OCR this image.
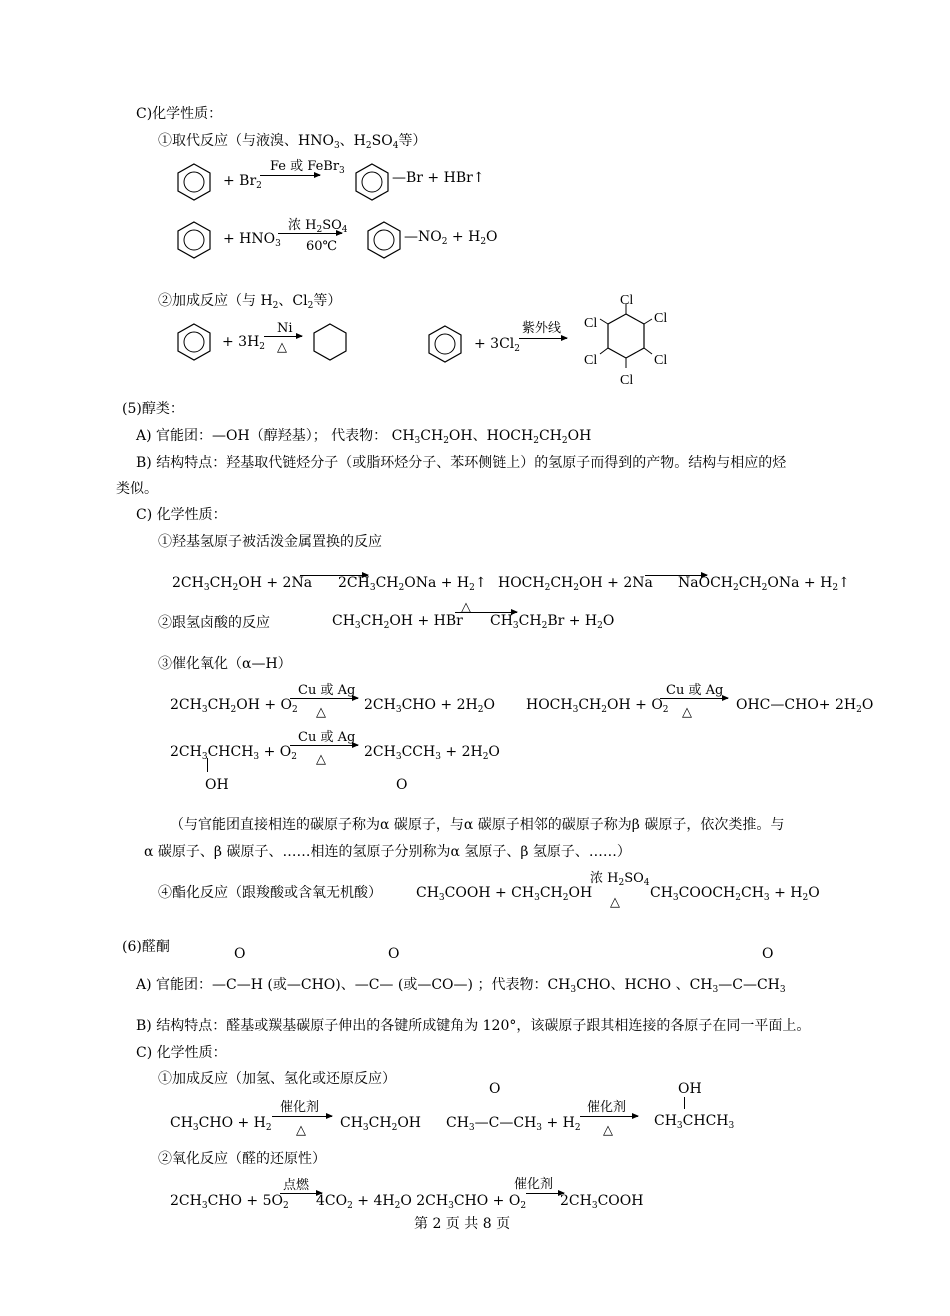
C)化学性质：
①取代反应（与液溴、$HNO_3$、$H_2SO_4$等）
+ $Br_2$
Fe 或 FeBr$_3$	—Br + HBr↑
+ $HNO_3$
浓 $H_2SO_4$
60℃
$—NO_2 + H_2O$
②加成反应（与 $H_2$、$Cl_2$等）
+ $3H_2$
Ni
△	+ $3Cl_2$
紫外线
Cl
Cl
Cl
Cl
Cl
Cl
(5)醇类：
A) 官能团：—OH（醇羟基）； 代表物： $CH_3CH_2OH$、$HOCH_2CH_2OH$
B) 结构特点：羟基取代链烃分子（或脂环烃分子、苯环侧链上）的氢原子而得到的产物。结构与相应的烃
类似。
C) 化学性质：
①羟基氢原子被活泼金属置换的反应
$2CH_3CH_2OH + 2Na$ $2CH_3CH_2ONa$ + $H_2↑$ $HOCH_2CH_2OH + 2Na$ $NaOCH_2CH_2ONa$ + $H_2↑$
②跟氢卤酸的反应	$CH_3CH_2OH$ + HBr
△
$CH_3CH_2Br + H_2O$
③催化氧化（α—H）
$2CH_3CH_2OH + O_2$
Cu 或 Ag
△	$2CH_3CHO + 2H_2O$ $HOCH_3CH_2OH + O_2$
Cu 或 Ag
△	OHC—CHO+ $2H_2O$
$2CH_3CHCH_3 + O_2$
OH
Cu 或 Ag
△	$2CH_3CCH_3 + 2H_2O$
O
（与官能团直接相连的碳原子称为α 碳原子，与α 碳原子相邻的碳原子称为β 碳原子，依次类推。与
α 碳原子、β 碳原子、……相连的氢原子分别称为α 氢原子、β 氢原子、……）
④酯化反应（跟羧酸或含氧无机酸） $CH_3COOH + CH_3CH_2OH$
浓 $H_2SO_4$
△
$CH_3COOCH_2CH_3 + H_2O$
(6)醛酮	O	O	O
A) 官能团：—C—H (或—CHO)、—C— (或—CO—) ；代表物：$CH_3CHO$、HCHO 、$CH_3—C—CH_3$
B) 结构特点：醛基或羰基碳原子伸出的各键所成键角为 120°，该碳原子跟其相连接的各原子在同一平面上。
C) 化学性质：
①加成反应（加氢、氢化或还原反应）
$CH_3CHO + H_2$
催化剂
△ $CH_3CH_2OH$
O
$CH_3—C—CH_3 + H_2$
催化剂
△
OH
$CH_3CHCH_3$
②氧化反应（醛的还原性）
$2CH_3CHO + 5O_2$
点燃
$4CO_2 + 4H_2O$ $2CH_3CHO + O_2$
催化剂
$2CH_3COOH$
第 2 页 共 8 页
